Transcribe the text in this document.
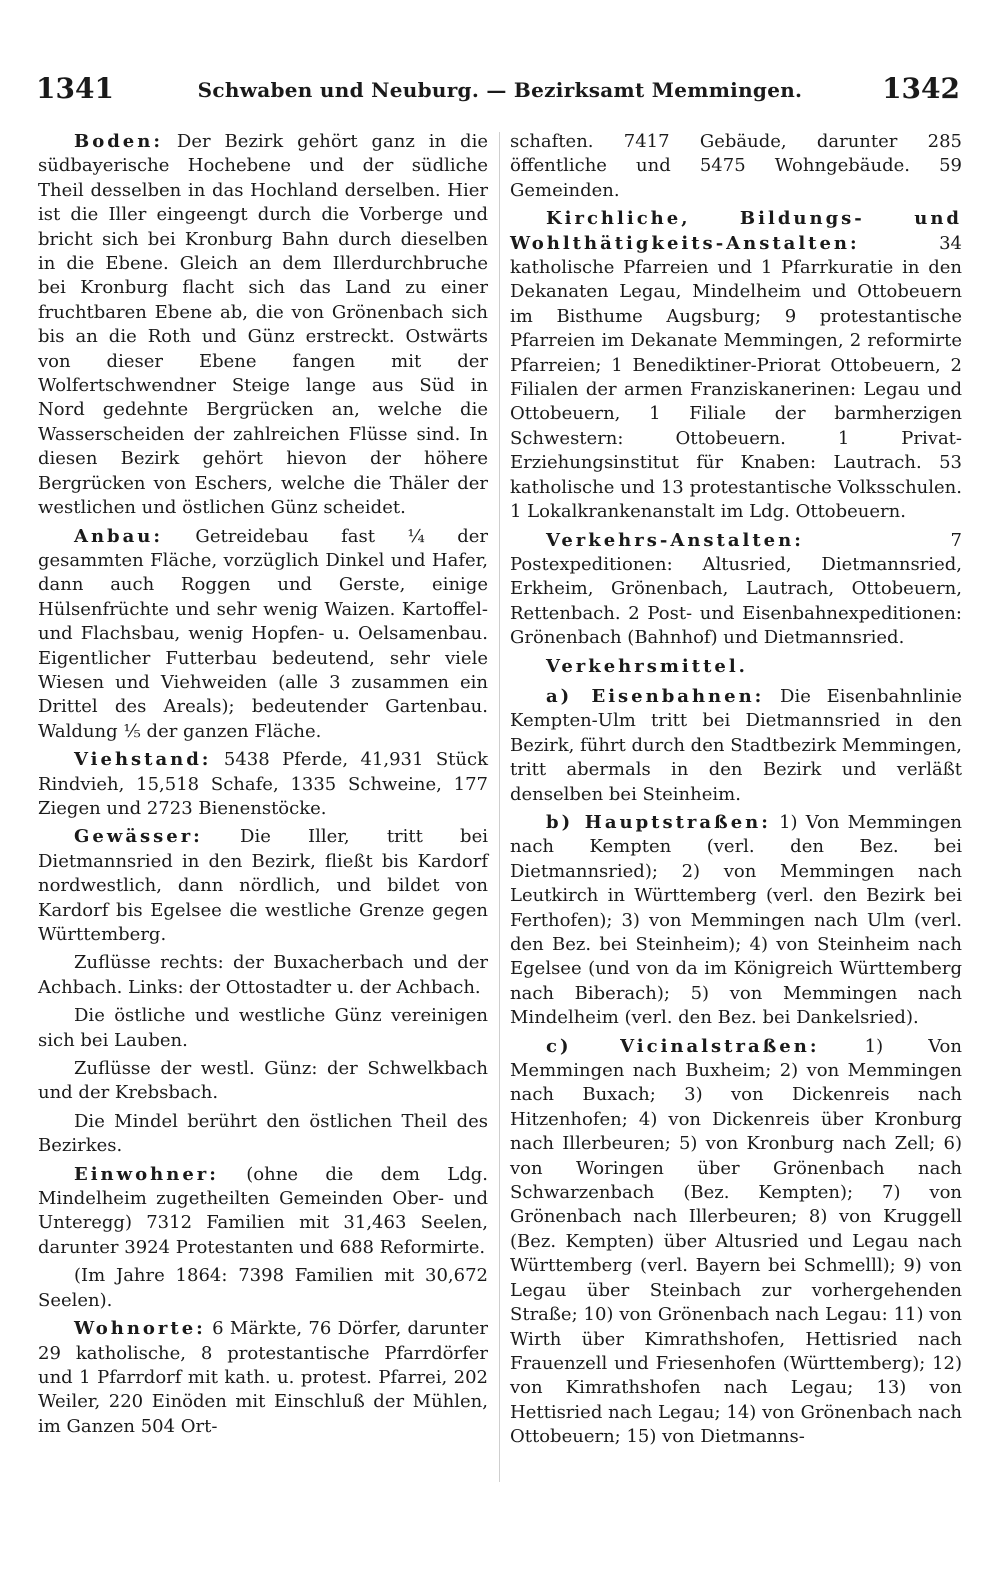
1341	Schwaben und Neuburg. — Bezirksamt Memmingen.	1342

Boden: Der Bezirk gehört ganz in die südbayerische Hochebene und der südliche Theil desselben in das Hochland derselben. Hier ist die Iller eingeengt durch die Vorberge und bricht sich bei Kronburg Bahn durch dieselben in die Ebene. Gleich an dem Illerdurchbruche bei Kronburg flacht sich das Land zu einer fruchtbaren Ebene ab, die von Grönenbach sich bis an die Roth und Günz erstreckt. Ostwärts von dieser Ebene fangen mit der Wolfertschwendner Steige lange aus Süd in Nord gedehnte Bergrücken an, welche die Wasserscheiden der zahlreichen Flüsse sind. In diesen Bezirk gehört hievon der höhere Bergrücken von Eschers, welche die Thäler der westlichen und östlichen Günz scheidet.

Anbau: Getreidebau fast ¼ der gesammten Fläche, vorzüglich Dinkel und Hafer, dann auch Roggen und Gerste, einige Hülsenfrüchte und sehr wenig Waizen. Kartoffel- und Flachsbau, wenig Hopfen- u. Oelsamenbau. Eigentlicher Futterbau bedeutend, sehr viele Wiesen und Viehweiden (alle 3 zusammen ein Drittel des Areals); bedeutender Gartenbau. Waldung ⅕ der ganzen Fläche.

Viehstand: 5438 Pferde, 41,931 Stück Rindvieh, 15,518 Schafe, 1335 Schweine, 177 Ziegen und 2723 Bienenstöcke.

Gewässer: Die Iller, tritt bei Dietmannsried in den Bezirk, fließt bis Kardorf nordwestlich, dann nördlich, und bildet von Kardorf bis Egelsee die westliche Grenze gegen Württemberg.

Zuflüsse rechts: der Buxacherbach und der Achbach. Links: der Ottostadter u. der Achbach.

Die östliche und westliche Günz vereinigen sich bei Lauben.

Zuflüsse der westl. Günz: der Schwelkbach und der Krebsbach.

Die Mindel berührt den östlichen Theil des Bezirkes.

Einwohner: (ohne die dem Ldg. Mindelheim zugetheilten Gemeinden Ober- und Unteregg) 7312 Familien mit 31,463 Seelen, darunter 3924 Protestanten und 688 Reformirte.

(Im Jahre 1864: 7398 Familien mit 30,672 Seelen).

Wohnorte: 6 Märkte, 76 Dörfer, darunter 29 katholische, 8 protestantische Pfarrdörfer und 1 Pfarrdorf mit kath. u. protest. Pfarrei, 202 Weiler, 220 Einöden mit Einschluß der Mühlen, im Ganzen 504 Ort-

schaften. 7417 Gebäude, darunter 285 öffentliche und 5475 Wohngebäude. 59 Gemeinden.

Kirchliche, Bildungs- und Wohlthätigkeits-Anstalten: 34 katholische Pfarreien und 1 Pfarrkuratie in den Dekanaten Legau, Mindelheim und Ottobeuern im Bisthume Augsburg; 9 protestantische Pfarreien im Dekanate Memmingen, 2 reformirte Pfarreien; 1 Benediktiner-Priorat Ottobeuern, 2 Filialen der armen Franziskanerinen: Legau und Ottobeuern, 1 Filiale der barmherzigen Schwestern: Ottobeuern. 1 Privat-Erziehungsinstitut für Knaben: Lautrach. 53 katholische und 13 protestantische Volksschulen. 1 Lokalkrankenanstalt im Ldg. Ottobeuern.

Verkehrs-Anstalten: 7 Postexpeditionen: Altusried, Dietmannsried, Erkheim, Grönenbach, Lautrach, Ottobeuern, Rettenbach. 2 Post- und Eisenbahnexpeditionen: Grönenbach (Bahnhof) und Dietmannsried.

Verkehrsmittel.

a) Eisenbahnen: Die Eisenbahnlinie Kempten-Ulm tritt bei Dietmannsried in den Bezirk, führt durch den Stadtbezirk Memmingen, tritt abermals in den Bezirk und verläßt denselben bei Steinheim.

b) Hauptstraßen: 1) Von Memmingen nach Kempten (verl. den Bez. bei Dietmannsried); 2) von Memmingen nach Leutkirch in Württemberg (verl. den Bezirk bei Ferthofen); 3) von Memmingen nach Ulm (verl. den Bez. bei Steinheim); 4) von Steinheim nach Egelsee (und von da im Königreich Württemberg nach Biberach); 5) von Memmingen nach Mindelheim (verl. den Bez. bei Dankelsried).

c) Vicinalstraßen: 1) Von Memmingen nach Buxheim; 2) von Memmingen nach Buxach; 3) von Dickenreis nach Hitzenhofen; 4) von Dickenreis über Kronburg nach Illerbeuren; 5) von Kronburg nach Zell; 6) von Woringen über Grönenbach nach Schwarzenbach (Bez. Kempten); 7) von Grönenbach nach Illerbeuren; 8) von Kruggell (Bez. Kempten) über Altusried und Legau nach Württemberg (verl. Bayern bei Schmelll); 9) von Legau über Steinbach zur vorhergehenden Straße; 10) von Grönenbach nach Legau: 11) von Wirth über Kimrathshofen, Hettisried nach Frauenzell und Friesenhofen (Württemberg); 12) von Kimrathshofen nach Legau; 13) von Hettisried nach Legau; 14) von Grönenbach nach Ottobeuern; 15) von Dietmanns-
